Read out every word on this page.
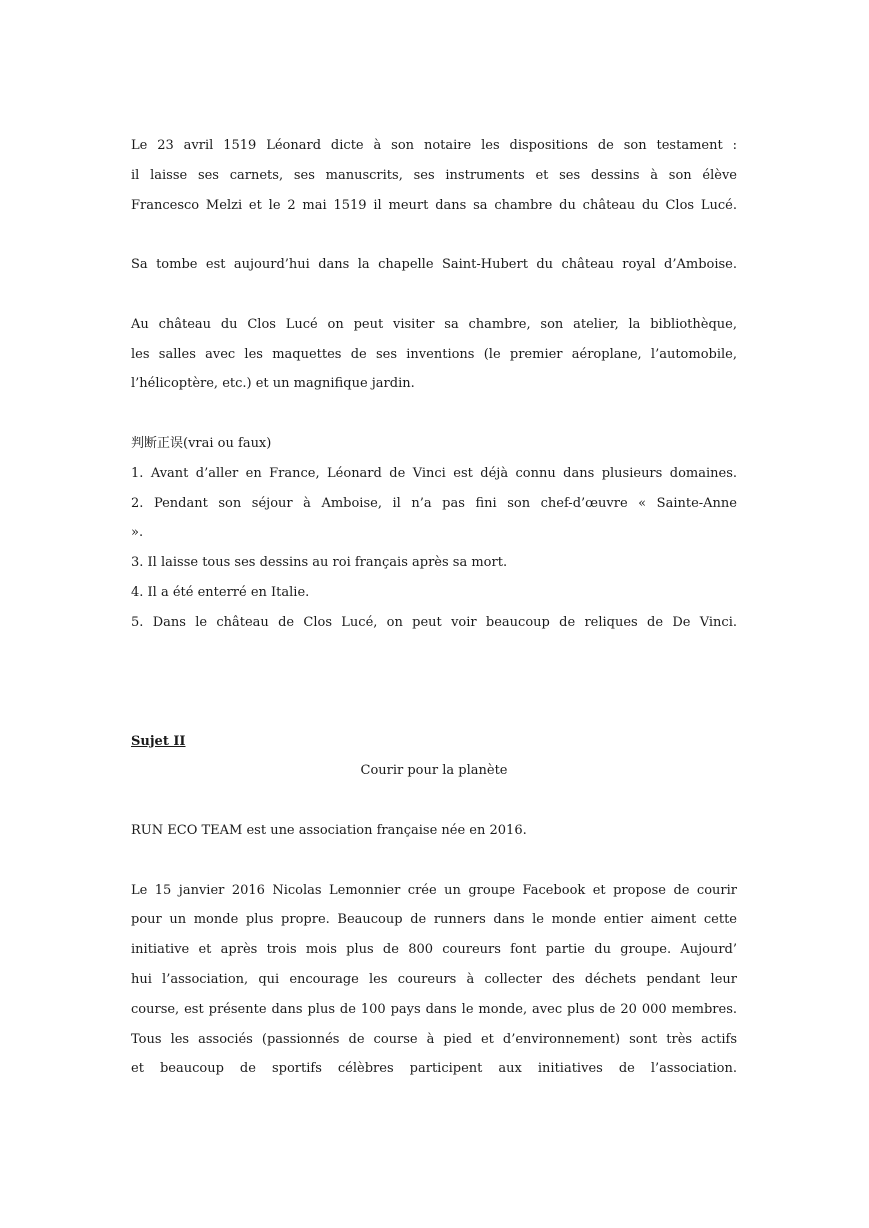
Le 23 avril 1519 Léonard dicte à son notaire les dispositions de son testament :
il laisse ses carnets, ses manuscrits, ses instruments et ses dessins à son élève
Francesco Melzi et le 2 mai 1519 il meurt dans sa chambre du château du Clos Lucé.
Sa tombe est aujourd’hui dans la chapelle Saint-Hubert du château royal d’Amboise.
Au château du Clos Lucé on peut visiter sa chambre, son atelier, la bibliothèque,
les salles avec les maquettes de ses inventions (le premier aéroplane, l’automobile,
l’hélicoptère, etc.) et un magnifique jardin.
判断正误(vrai ou faux)
1. Avant d’aller en France, Léonard de Vinci est déjà connu dans plusieurs domaines.
2. Pendant son séjour à Amboise, il n’a pas fini son chef-d’œuvre « Sainte-Anne
».
3. Il laisse tous ses dessins au roi français après sa mort.
4. Il a été enterré en Italie.
5. Dans le château de Clos Lucé, on peut voir beaucoup de reliques de De Vinci.
Sujet II
Courir pour la planète
RUN ECO TEAM est une association française née en 2016.
Le 15 janvier 2016 Nicolas Lemonnier crée un groupe Facebook et propose de courir
pour un monde plus propre. Beaucoup de runners dans le monde entier aiment cette
initiative et après trois mois plus de 800 coureurs font partie du groupe. Aujourd’
hui l’association, qui encourage les coureurs à collecter des déchets pendant leur
course, est présente dans plus de 100 pays dans le monde, avec plus de 20 000 membres.
Tous les associés (passionnés de course à pied et d’environnement) sont très actifs
et beaucoup de sportifs célèbres participent aux initiatives de l’association.
